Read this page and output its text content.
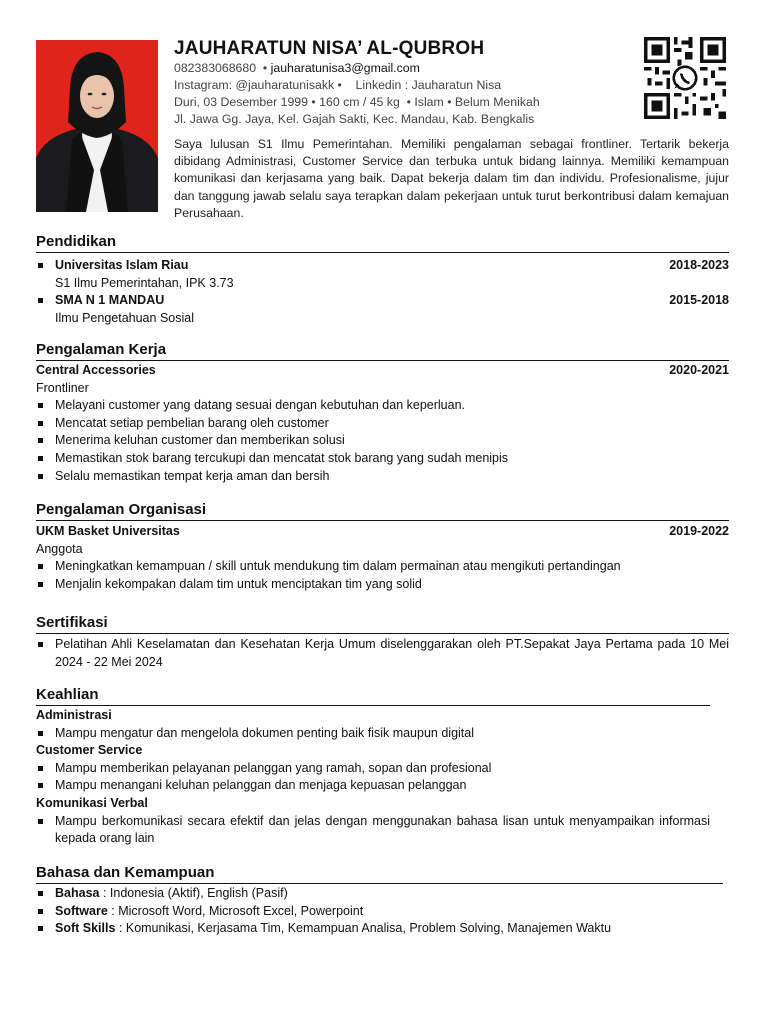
JAUHARATUN NISA’ AL-QUBROH
082383068680  • jauharatunisa3@gmail.com
Instagram: @jauharatunisakk •    Linkedin : Jauharatun Nisa
Duri, 03 Desember 1999 • 160 cm / 45 kg  • Islam • Belum Menikah
Jl. Jawa Gg. Jaya, Kel. Gajah Sakti, Kec. Mandau, Kab. Bengkalis
Saya lulusan S1 Ilmu Pemerintahan. Memiliki pengalaman sebagai frontliner. Tertarik bekerja dibidang Administrasi, Customer Service dan terbuka untuk bidang lainnya. Memiliki kemampuan komunikasi dan kerjasama yang baik. Dapat bekerja dalam tim dan individu. Profesionalisme, jujur dan tanggung jawab selalu saya terapkan dalam pekerjaan untuk turut berkontribusi dalam kemajuan Perusahaan.
Pendidikan
Universitas Islam Riau	2018-2023
S1 Ilmu Pemerintahan, IPK 3.73
SMA N 1 MANDAU	2015-2018
Ilmu Pengetahuan Sosial
Pengalaman Kerja
Central Accessories	2020-2021
Frontliner
Melayani customer yang datang sesuai dengan kebutuhan dan keperluan.
Mencatat setiap pembelian barang oleh customer
Menerima keluhan customer dan memberikan solusi
Memastikan stok barang tercukupi dan mencatat stok barang yang sudah menipis
Selalu memastikan tempat kerja aman dan bersih
Pengalaman Organisasi
UKM Basket Universitas	2019-2022
Anggota
Meningkatkan kemampuan / skill untuk mendukung tim dalam permainan atau mengikuti pertandingan
Menjalin kekompakan dalam tim untuk menciptakan tim yang solid
Sertifikasi
Pelatihan Ahli Keselamatan dan Kesehatan Kerja Umum diselenggarakan oleh PT.Sepakat Jaya Pertama pada 10 Mei 2024 - 22 Mei 2024
Keahlian
Administrasi
Mampu mengatur dan mengelola dokumen penting baik fisik maupun digital
Customer Service
Mampu memberikan pelayanan pelanggan yang ramah, sopan dan profesional
Mampu menangani keluhan pelanggan dan menjaga kepuasan pelanggan
Komunikasi Verbal
Mampu berkomunikasi secara efektif dan jelas dengan menggunakan bahasa lisan untuk menyampaikan informasi kepada orang lain
Bahasa dan Kemampuan
Bahasa : Indonesia (Aktif), English (Pasif)
Software : Microsoft Word, Microsoft Excel, Powerpoint
Soft Skills : Komunikasi, Kerjasama Tim, Kemampuan Analisa, Problem Solving, Manajemen Waktu
